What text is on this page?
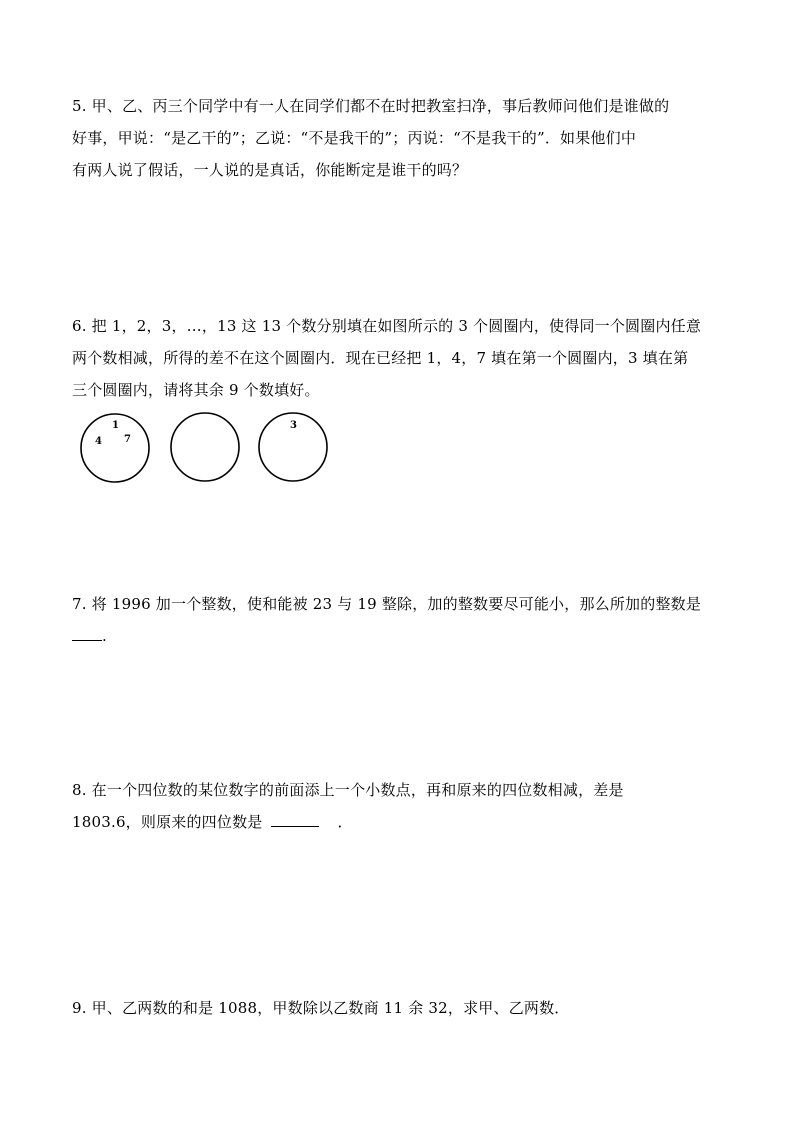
5. 甲、乙、丙三个同学中有一人在同学们都不在时把教室扫净，事后教师问他们是谁做的
好事，甲说：“是乙干的”；乙说：“不是我干的”；丙说：“不是我干的”．如果他们中
有两人说了假话，一人说的是真话，你能断定是谁干的吗？
6. 把 1，2，3，…，13 这 13 个数分别填在如图所示的 3 个圆圈内，使得同一个圆圈内任意
两个数相减，所得的差不在这个圆圈内．现在已经把 1，4，7 填在第一个圆圈内，3 填在第
三个圆圈内，请将其余 9 个数填好。
1
4 7
3
7. 将 1996 加一个整数，使和能被 23 与 19 整除，加的整数要尽可能小，那么所加的整数是
.
8. 在一个四位数的某位数字的前面添上一个小数点，再和原来的四位数相减，差是
1803.6，则原来的四位数是	．
9. 甲、乙两数的和是 1088，甲数除以乙数商 11 余 32，求甲、乙两数．
